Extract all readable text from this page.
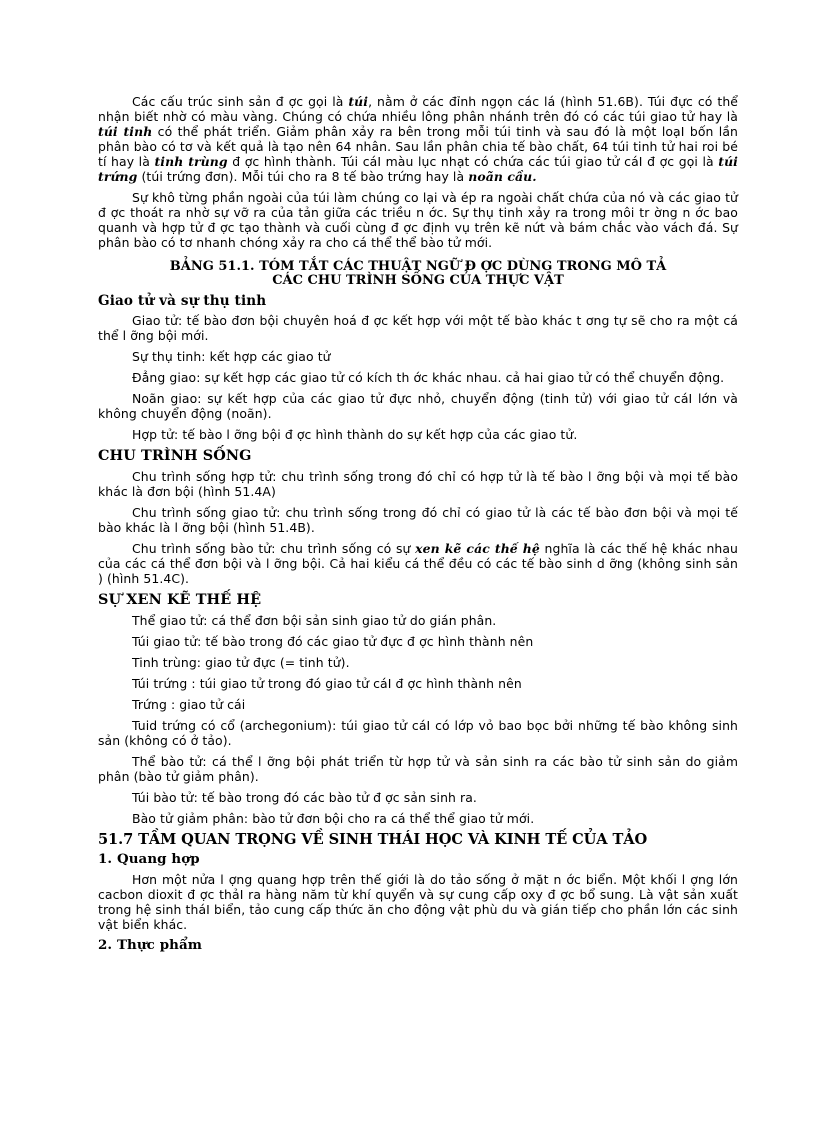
Các cấu trúc sinh sản đ ợc gọi là túi, nằm ở các đỉnh ngọn các lá (hình 51.6B). Túi đực có thể nhận biết nhờ có màu vàng. Chúng có chứa nhiều lông phân nhánh trên đó có các túi giao tử hay là túi tinh có thể phát triển. Giảm phân xảy ra bên trong mỗi túi tinh và sau đó là một loạI bốn lần phân bào có tơ và kết quả là tạo nên 64 nhân. Sau lần phân chia tế bào chất, 64 túi tinh tử hai roi bé tí hay là tinh trùng đ ợc hình thành. Túi cáI màu lục nhạt có chứa các túi giao tử cáI đ ợc gọi là túi trứng (túi trứng đơn). Mỗi túi cho ra 8 tế bào trứng hay là noãn cầu.

Sự khô từng phần ngoài của túi làm chúng co lại và ép ra ngoài chất chứa của nó và các giao tử đ ợc thoát ra nhờ sự vỡ ra của tản giữa các triều n ớc. Sự thụ tinh xảy ra trong môi tr ờng n ớc bao quanh và hợp tử đ ợc tạo thành và cuối cùng đ ợc định vụ trên kẽ nứt và bám chắc vào vách đá. Sự phân bào có tơ nhanh chóng xảy ra cho cá thể thể bào tử mới.

BẢNG 51.1. TÓM TẮT CÁC THUẬT NGỮ Đ ỢC DÙNG TRONG MÔ TẢ
CÁC CHU TRÌNH SỐNG CỦA THỰC VẬT
Giao tử và sự thụ tinh

Giao tử: tế bào đơn bội chuyên hoá đ ợc kết hợp với một tế bào khác t ơng tự sẽ cho ra một cá thể l ỡng bội mới.

Sự thụ tinh: kết hợp các giao tử

Đẳng giao: sự kết hợp các giao tử có kích th ớc khác nhau. cả hai giao tử có thể chuyển động.

Noãn giao: sự kết hợp của các giao tử đực nhỏ, chuyển động (tinh tử) với giao tử cáI lớn và không chuyển động (noãn).

Hợp tử: tế bào l ỡng bội đ ợc hình thành do sự kết hợp của các giao tử.

CHU TRÌNH SỐNG

Chu trình sống hợp tử: chu trình sống trong đó chỉ có hợp tử là tế bào l ỡng bội và mọi tế bào khác là đơn bội (hình 51.4A)

Chu trình sống giao tử: chu trình sống trong đó chỉ có giao tử là các tế bào đơn bội và mọi tế bào khác là l ỡng bội (hình 51.4B).

Chu trình sống bào tử: chu trình sống có sự xen kẽ các thế hệ nghĩa là các thế hệ khác nhau của các cá thể đơn bội và l ỡng bội. Cả hai kiểu cá thể đều có các tế bào sinh d ỡng (không sinh sản ) (hình 51.4C).

SỰ XEN KẼ THẾ HỆ

Thể giao tử: cá thể đơn bội sản sinh giao tử do gián phân.

Túi giao tử: tế bào trong đó các giao tử đực đ ợc hình thành nên

Tinh trùng: giao tử đực (= tinh tử).

Túi trứng : túi giao tử trong đó giao tử cáI đ ợc hình thành nên

Trứng : giao tử cái

Tuid trứng có cổ (archegonium): túi giao tử cáI có lớp vỏ bao bọc bởi những tế bào không sinh sản (không có ở tảo).

Thể bào tử: cá thể l ỡng bội phát triển từ hợp tử và sản sinh ra các bào tử sinh sản do giảm phân (bào tử giảm phân).

Túi bào tử: tế bào trong đó các bào tử đ ợc sản sinh ra.

Bào tử giảm phân: bào tử đơn bội cho ra cá thể thể giao tử mới.

51.7 TẦM QUAN TRỌNG VỀ SINH THÁI HỌC VÀ KINH TẾ CỦA TẢO
1. Quang hợp

Hơn một nửa l ợng quang hợp trên thế giới là do tảo sống ở mặt n ớc biển. Một khối l ợng lớn cacbon dioxit đ ợc thảI ra hàng năm từ khí quyển và sự cung cấp oxy đ ợc bổ sung. Là vật sản xuất trong hệ sinh tháI biển, tảo cung cấp thức ăn cho động vật phù du và gián tiếp cho phần lớn các sinh vật biển khác.

2. Thực phẩm
